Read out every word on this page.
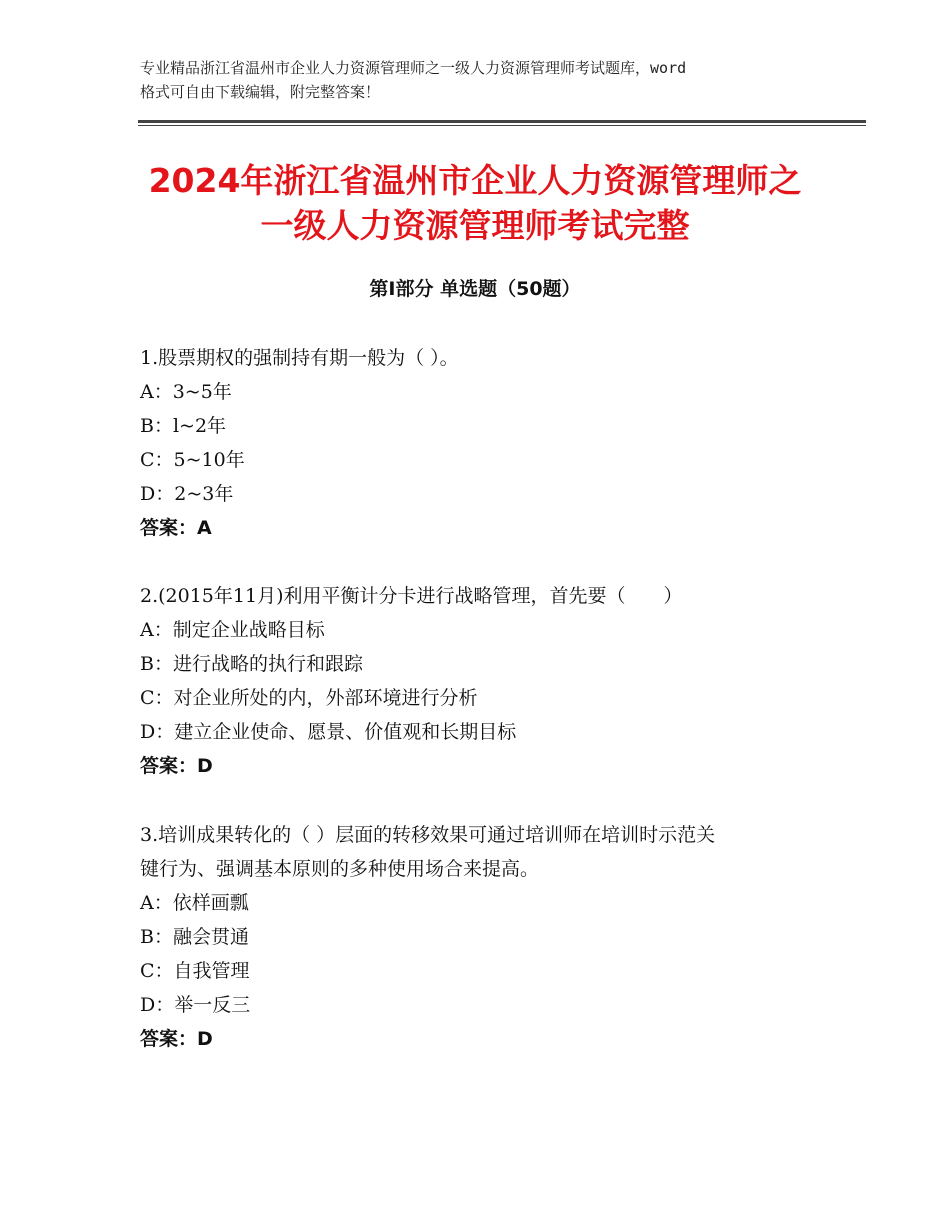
专业精品浙江省温州市企业人力资源管理师之一级人力资源管理师考试题库，word
格式可自由下载编辑，附完整答案！
2024年浙江省温州市企业人力资源管理师之
一级人力资源管理师考试完整
第Ⅰ部分 单选题（50题）
1.股票期权的强制持有期一般为（ ）。
A：3~5年
B：l~2年
C：5~10年
D：2~3年
答案：A
2.(2015年11月)利用平衡计分卡进行战略管理，首先要（　　）
A：制定企业战略目标
B：进行战略的执行和跟踪
C：对企业所处的内，外部环境进行分析
D：建立企业使命、愿景、价值观和长期目标
答案：D
3.培训成果转化的（ ）层面的转移效果可通过培训师在培训时示范关
键行为、强调基本原则的多种使用场合来提高。
A：依样画瓢
B：融会贯通
C：自我管理
D：举一反三
答案：D
